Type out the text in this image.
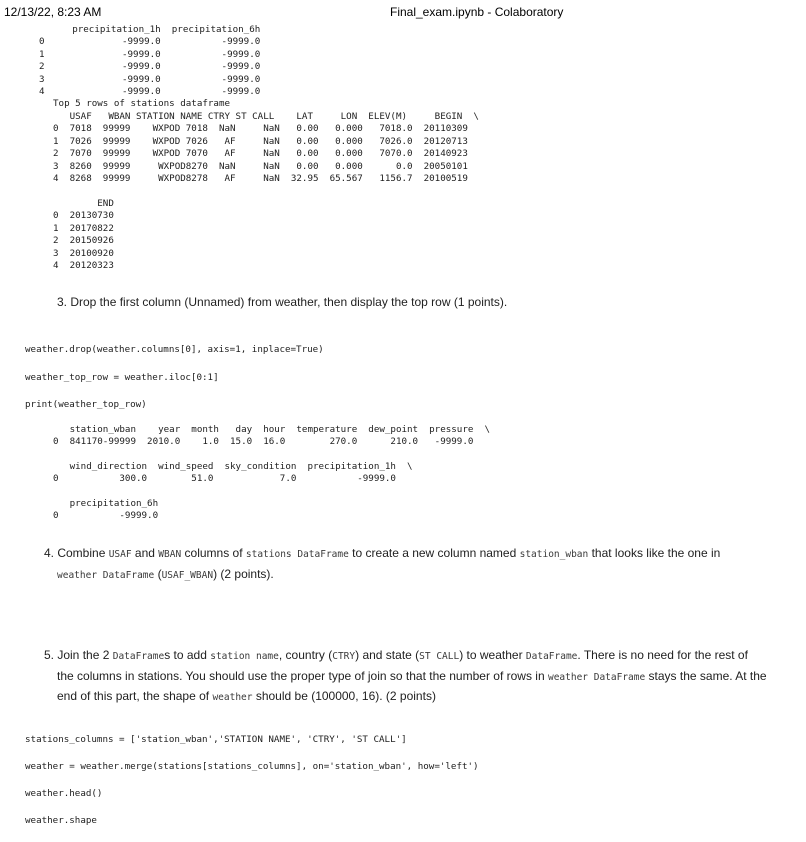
12/13/22, 8:23 AM	Final_exam.ipynb - Colaboratory
precipitation_1h  precipitation_6h
0              -9999.0           -9999.0
1              -9999.0           -9999.0
2              -9999.0           -9999.0
3              -9999.0           -9999.0
4              -9999.0           -9999.0
Top 5 rows of stations dataframe
USAF   WBAN STATION NAME CTRY ST CALL    LAT     LON  ELEV(M)     BEGIN  \
0  7018  99999    WXPOD 7018  NaN     NaN   0.00   0.000   7018.0  20110309
1  7026  99999    WXPOD 7026   AF     NaN   0.00   0.000   7026.0  20120713
2  7070  99999    WXPOD 7070   AF     NaN   0.00   0.000   7070.0  20140923
3  8260  99999     WXPOD8270  NaN     NaN   0.00   0.000      0.0  20050101
4  8268  99999     WXPOD8278   AF     NaN  32.95  65.567   1156.7  20100519
END
0  20130730
1  20170822
2  20150926
3  20100920
4  20120323

3. Drop the first column (Unnamed) from weather, then display the top row (1 points).

weather.drop(weather.columns[0], axis=1, inplace=True)
weather_top_row = weather.iloc[0:1]
print(weather_top_row)
station_wban    year  month   day  hour  temperature  dew_point  pressure  \
0  841170-99999  2010.0    1.0  15.0  16.0        270.0      210.0   -9999.0
wind_direction  wind_speed  sky_condition  precipitation_1h  \
0           300.0        51.0            7.0           -9999.0
precipitation_6h
0           -9999.0
4. Combine USAF and WBAN columns of stations DataFrame to create a new column named station_wban that looks like the one in
weather DataFrame (USAF_WBAN) (2 points).
5. Join the 2 DataFrames to add station name, country (CTRY) and state (ST CALL) to weather DataFrame. There is no need for the rest of
the columns in stations. You should use the proper type of join so that the number of rows in weather DataFrame stays the same. At the
end of this part, the shape of weather should be (100000, 16). (2 points)
stations_columns = ['station_wban','STATION NAME', 'CTRY', 'ST CALL']
weather = weather.merge(stations[stations_columns], on='station_wban', how='left')
weather.head()
weather.shape
